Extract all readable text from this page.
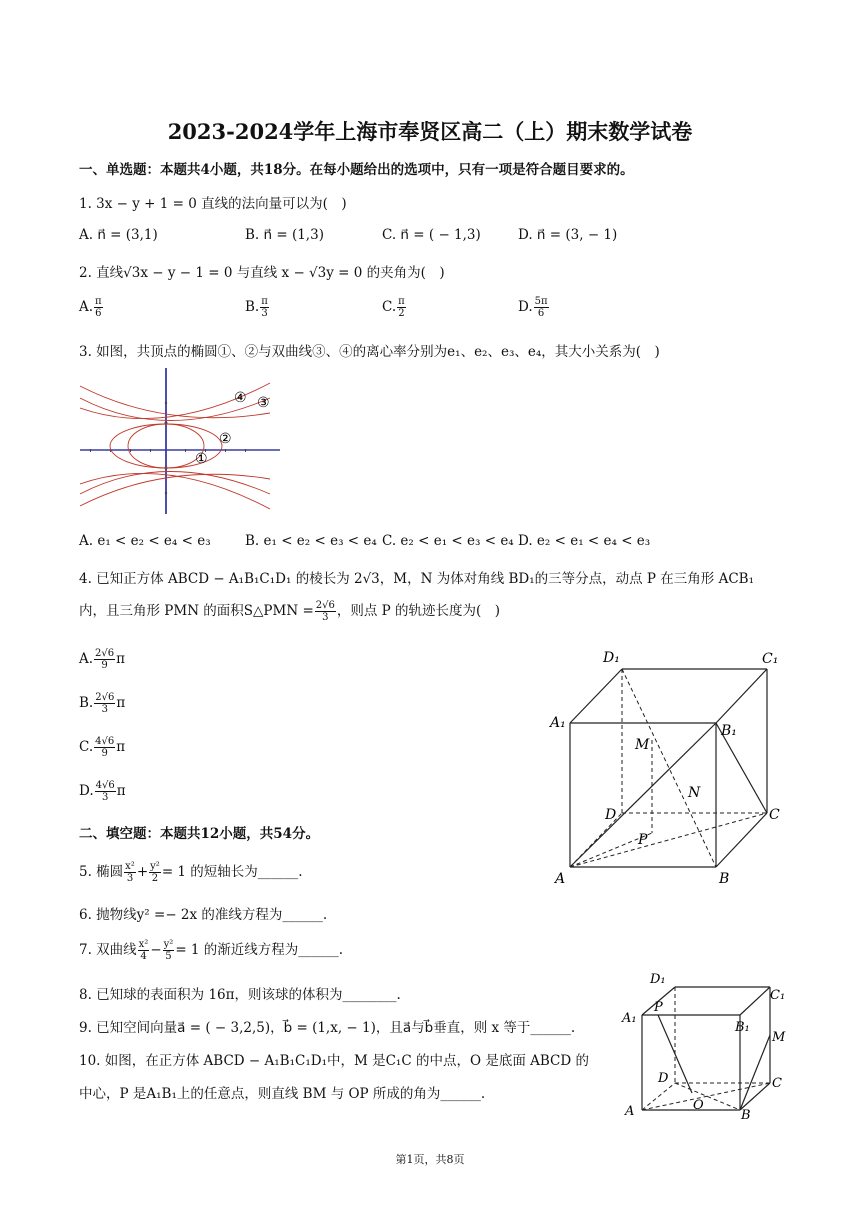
2023-2024学年上海市奉贤区高二（上）期末数学试卷
一、单选题：本题共4小题，共18分。在每小题给出的选项中，只有一项是符合题目要求的。
1. 3x − y + 1 = 0 直线的法向量可以为(　)
A. n⃗ = (3,1)	B. n⃗ = (1,3)	C. n⃗ = ( − 1,3)	D. n⃗ = (3, − 1)
2. 直线√3x − y − 1 = 0 与直线 x − √3y = 0 的夹角为(　)
A. $\frac{\pi}{6}$	B. $\frac{\pi}{3}$	C. $\frac{\pi}{2}$	D. $\frac{5\pi}{6}$
3. 如图，共顶点的椭圆①、②与双曲线③、④的离心率分别为e₁、e₂、e₃、e₄，其大小关系为(　)
④ ③
②
①
A. e₁ < e₂ < e₄ < e₃	B. e₁ < e₂ < e₃ < e₄ C. e₂ < e₁ < e₃ < e₄ D. e₂ < e₁ < e₄ < e₃
4. 已知正方体 ABCD − A₁B₁C₁D₁ 的棱长为 2√3，M，N 为体对角线 BD₁的三等分点，动点 P 在三角形 ACB₁
内，且三角形 PMN 的面积S△PMN = $\frac{2√6}{3}$ ，则点 P 的轨迹长度为(　)
A. $\frac{2√6}{9}$ π
B. $\frac{2√6}{3}$ π
C. $\frac{4√6}{9}$ π
D. $\frac{4√6}{3}$ π
D₁	C₁
A₁	B₁
M
N
D	C
P
A	B
二、填空题：本题共12小题，共54分。
5. 椭圆 $\frac{\text{x²}}{3} + \frac{\text{y²}}{2} = 1$ 的短轴长为______.
6. 抛物线y² =− 2x 的准线方程为______.
7. 双曲线 $\frac{\text{x²}}{4} - \frac{\text{y²}}{5} = 1$ 的渐近线方程为______.
8. 已知球的表面积为 16π，则该球的体积为________.
9. 已知空间向量a⃗ = ( − 3,2,5)，b⃗ = (1,x, − 1)，且a⃗与b⃗垂直，则 x 等于______.
10. 如图，在正方体 ABCD − A₁B₁C₁D₁中，M 是C₁C 的中点，O 是底面 ABCD 的
中心，P 是A₁B₁上的任意点，则直线 BM 与 OP 所成的角为______.
D₁
C₁
A₁
P
B₁
M
D	C
O
A	B
第1页，共8页
